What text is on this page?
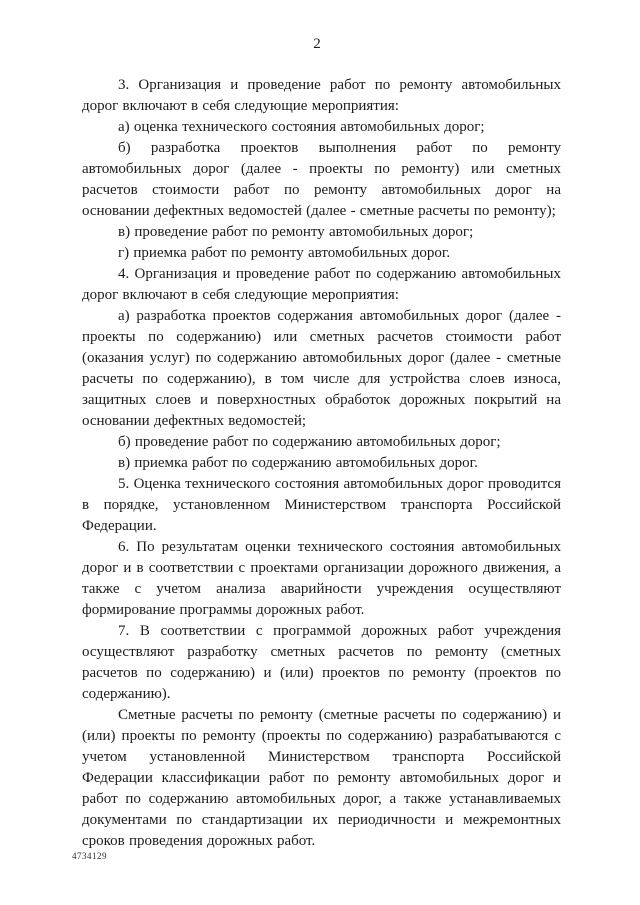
2

3. Организация и проведение работ по ремонту автомобильных дорог включают в себя следующие мероприятия:

а) оценка технического состояния автомобильных дорог;

б) разработка проектов выполнения работ по ремонту автомобильных дорог (далее - проекты по ремонту) или сметных расчетов стоимости работ по ремонту автомобильных дорог на основании дефектных ведомостей (далее - сметные расчеты по ремонту);

в) проведение работ по ремонту автомобильных дорог;

г) приемка работ по ремонту автомобильных дорог.

4. Организация и проведение работ по содержанию автомобильных дорог включают в себя следующие мероприятия:

а) разработка проектов содержания автомобильных дорог (далее - проекты по содержанию) или сметных расчетов стоимости работ (оказания услуг) по содержанию автомобильных дорог (далее - сметные расчеты по содержанию), в том числе для устройства слоев износа, защитных слоев и поверхностных обработок дорожных покрытий на основании дефектных ведомостей;

б) проведение работ по содержанию автомобильных дорог;

в) приемка работ по содержанию автомобильных дорог.

5. Оценка технического состояния автомобильных дорог проводится в порядке, установленном Министерством транспорта Российской Федерации.

6. По результатам оценки технического состояния автомобильных дорог и в соответствии с проектами организации дорожного движения, а также с учетом анализа аварийности учреждения осуществляют формирование программы дорожных работ.

7. В соответствии с программой дорожных работ учреждения осуществляют разработку сметных расчетов по ремонту (сметных расчетов по содержанию) и (или) проектов по ремонту (проектов по содержанию).

Сметные расчеты по ремонту (сметные расчеты по содержанию) и (или) проекты по ремонту (проекты по содержанию) разрабатываются с учетом установленной Министерством транспорта Российской Федерации классификации работ по ремонту автомобильных дорог и работ по содержанию автомобильных дорог, а также устанавливаемых документами по стандартизации их периодичности и межремонтных сроков проведения дорожных работ.

4734129
